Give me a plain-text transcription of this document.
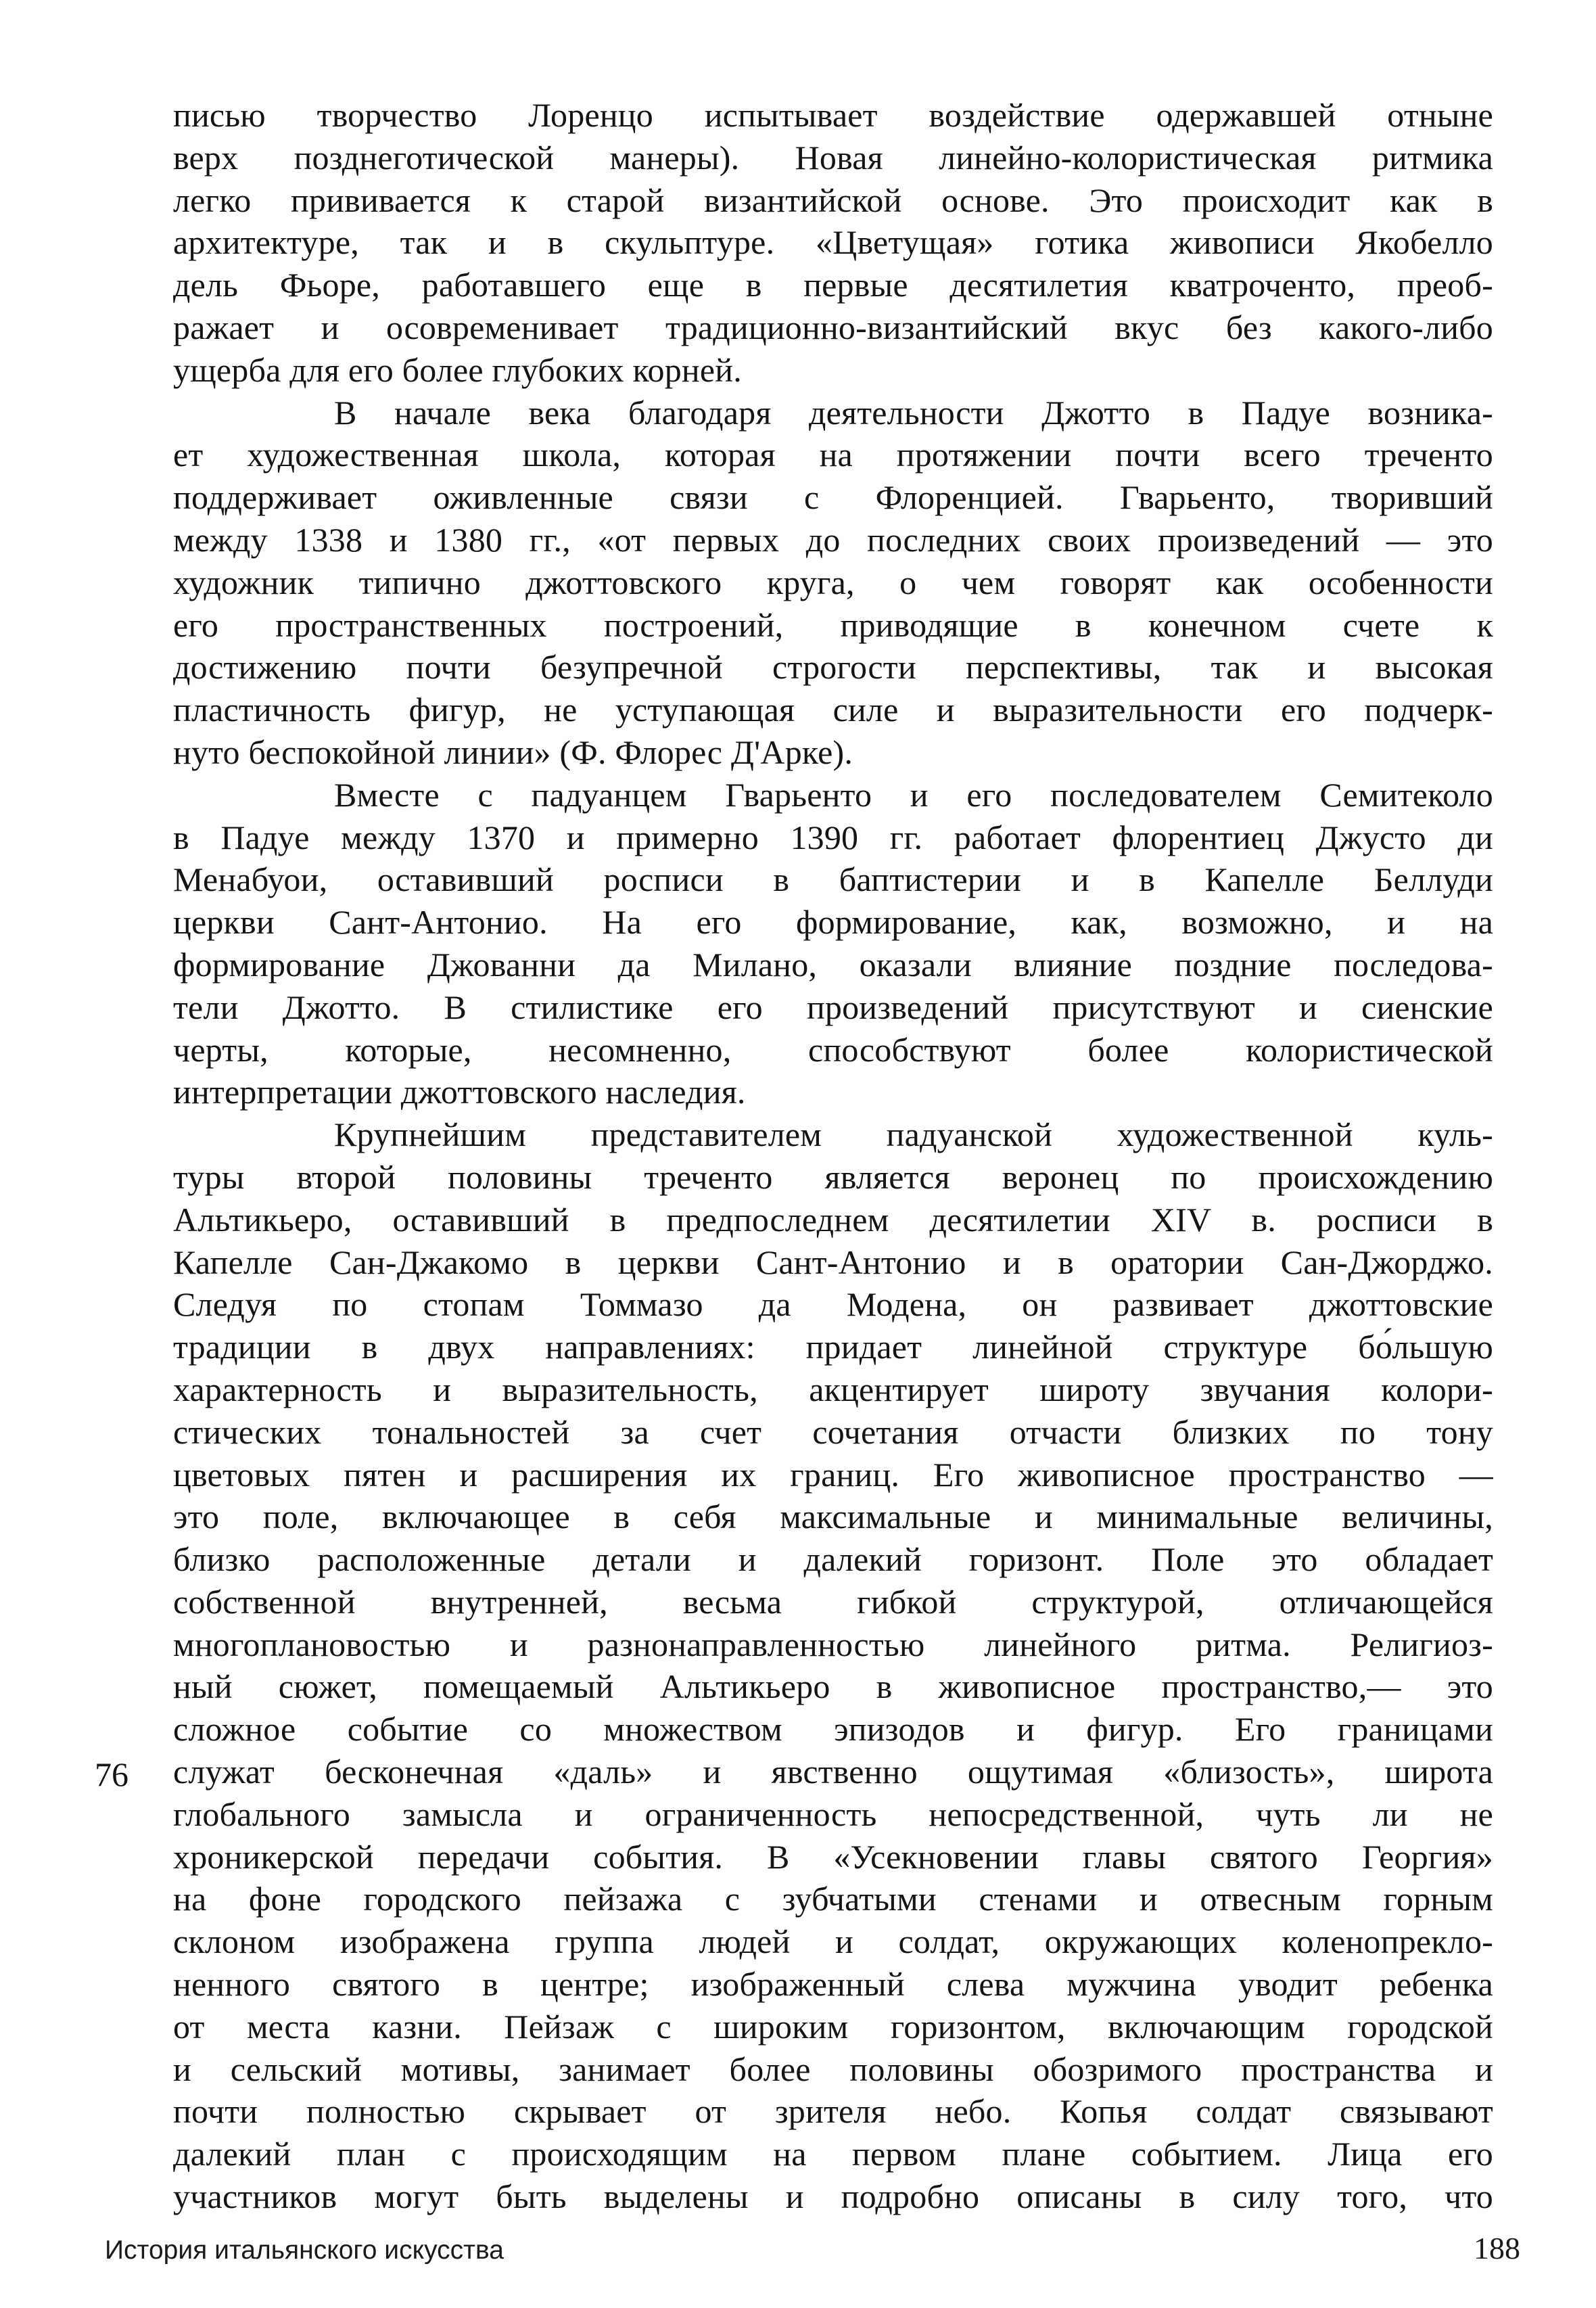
писью творчество Лоренцо испытывает воздействие одержавшей отныне
верх позднеготической манеры). Новая линейно-колористическая ритмика
легко прививается к старой византийской основе. Это происходит как в
архитектуре, так и в скульптуре. «Цветущая» готика живописи Якобелло
дель Фьоре, работавшего еще в первые десятилетия кватроченто, преоб-
ражает и осовременивает традиционно-византийский вкус без какого-либо
ущерба для его более глубоких корней.
В начале века благодаря деятельности Джотто в Падуе возника-
ет художественная школа, которая на протяжении почти всего треченто
поддерживает оживленные связи с Флоренцией. Гварьенто, творивший
между 1338 и 1380 гг., «от первых до последних своих произведений — это
художник типично джоттовского круга, о чем говорят как особенности
его пространственных построений, приводящие в конечном счете к
достижению почти безупречной строгости перспективы, так и высокая
пластичность фигур, не уступающая силе и выразительности его подчерк-
нуто беспокойной линии» (Ф. Флорес Д'Арке).
Вместе с падуанцем Гварьенто и его последователем Семитеколо
в Падуе между 1370 и примерно 1390 гг. работает флорентиец Джусто ди
Менабуои, оставивший росписи в баптистерии и в Капелле Беллуди
церкви Сант-Антонио. На его формирование, как, возможно, и на
формирование Джованни да Милано, оказали влияние поздние последова-
тели Джотто. В стилистике его произведений присутствуют и сиенские
черты, которые, несомненно, способствуют более колористической
интерпретации джоттовского наследия.
Крупнейшим представителем падуанской художественной куль-
туры второй половины треченто является веронец по происхождению
Альтикьеро, оставивший в предпоследнем десятилетии XIV в. росписи в
Капелле Сан-Джакомо в церкви Сант-Антонио и в оратории Сан-Джорджо.
Следуя по стопам Томмазо да Модена, он развивает джоттовские
традиции в двух направлениях: придает линейной структуре бо́льшую
характерность и выразительность, акцентирует широту звучания колори-
стических тональностей за счет сочетания отчасти близких по тону
цветовых пятен и расширения их границ. Его живописное пространство —
это поле, включающее в себя максимальные и минимальные величины,
близко расположенные детали и далекий горизонт. Поле это обладает
собственной внутренней, весьма гибкой структурой, отличающейся
многоплановостью и разнонаправленностью линейного ритма. Религиоз-
ный сюжет, помещаемый Альтикьеро в живописное пространство,— это
сложное событие со множеством эпизодов и фигур. Его границами
служат бесконечная «даль» и явственно ощутимая «близость», широта
глобального замысла и ограниченность непосредственной, чуть ли не
хроникерской передачи события. В «Усекновении главы святого Георгия»
на фоне городского пейзажа с зубчатыми стенами и отвесным горным
склоном изображена группа людей и солдат, окружающих коленопрекло-
ненного святого в центре; изображенный слева мужчина уводит ребенка
от места казни. Пейзаж с широким горизонтом, включающим городской
и сельский мотивы, занимает более половины обозримого пространства и
почти полностью скрывает от зрителя небо. Копья солдат связывают
далекий план с происходящим на первом плане событием. Лица его
участников могут быть выделены и подробно описаны в силу того, что
76
История итальянского искусства	188
